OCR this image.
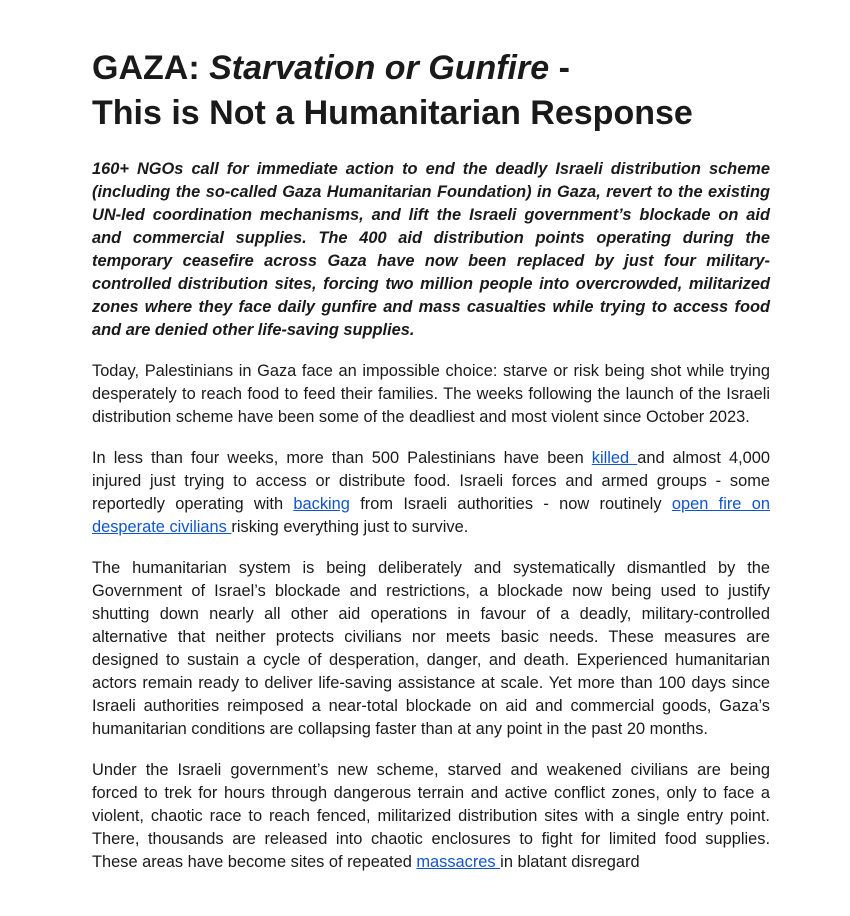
GAZA: Starvation or Gunfire -
This is Not a Humanitarian Response

160+ NGOs call for immediate action to end the deadly Israeli distribution scheme (including the so-called Gaza Humanitarian Foundation) in Gaza, revert to the existing UN-led coordination mechanisms, and lift the Israeli government’s blockade on aid and commercial supplies. The 400 aid distribution points operating during the temporary ceasefire across Gaza have now been replaced by just four military-controlled distribution sites, forcing two million people into overcrowded, militarized zones where they face daily gunfire and mass casualties while trying to access food and are denied other life-saving supplies.

Today, Palestinians in Gaza face an impossible choice: starve or risk being shot while trying desperately to reach food to feed their families. The weeks following the launch of the Israeli distribution scheme have been some of the deadliest and most violent since October 2023.

In less than four weeks, more than 500 Palestinians have been killed and almost 4,000 injured just trying to access or distribute food. Israeli forces and armed groups - some reportedly operating with backing from Israeli authorities - now routinely open fire on desperate civilians risking everything just to survive.

The humanitarian system is being deliberately and systematically dismantled by the Government of Israel’s blockade and restrictions, a blockade now being used to justify shutting down nearly all other aid operations in favour of a deadly, military-controlled alternative that neither protects civilians nor meets basic needs. These measures are designed to sustain a cycle of desperation, danger, and death. Experienced humanitarian actors remain ready to deliver life-saving assistance at scale. Yet more than 100 days since Israeli authorities reimposed a near-total blockade on aid and commercial goods, Gaza’s humanitarian conditions are collapsing faster than at any point in the past 20 months.

Under the Israeli government’s new scheme, starved and weakened civilians are being forced to trek for hours through dangerous terrain and active conflict zones, only to face a violent, chaotic race to reach fenced, militarized distribution sites with a single entry point. There, thousands are released into chaotic enclosures to fight for limited food supplies. These areas have become sites of repeated massacres in blatant disregard
